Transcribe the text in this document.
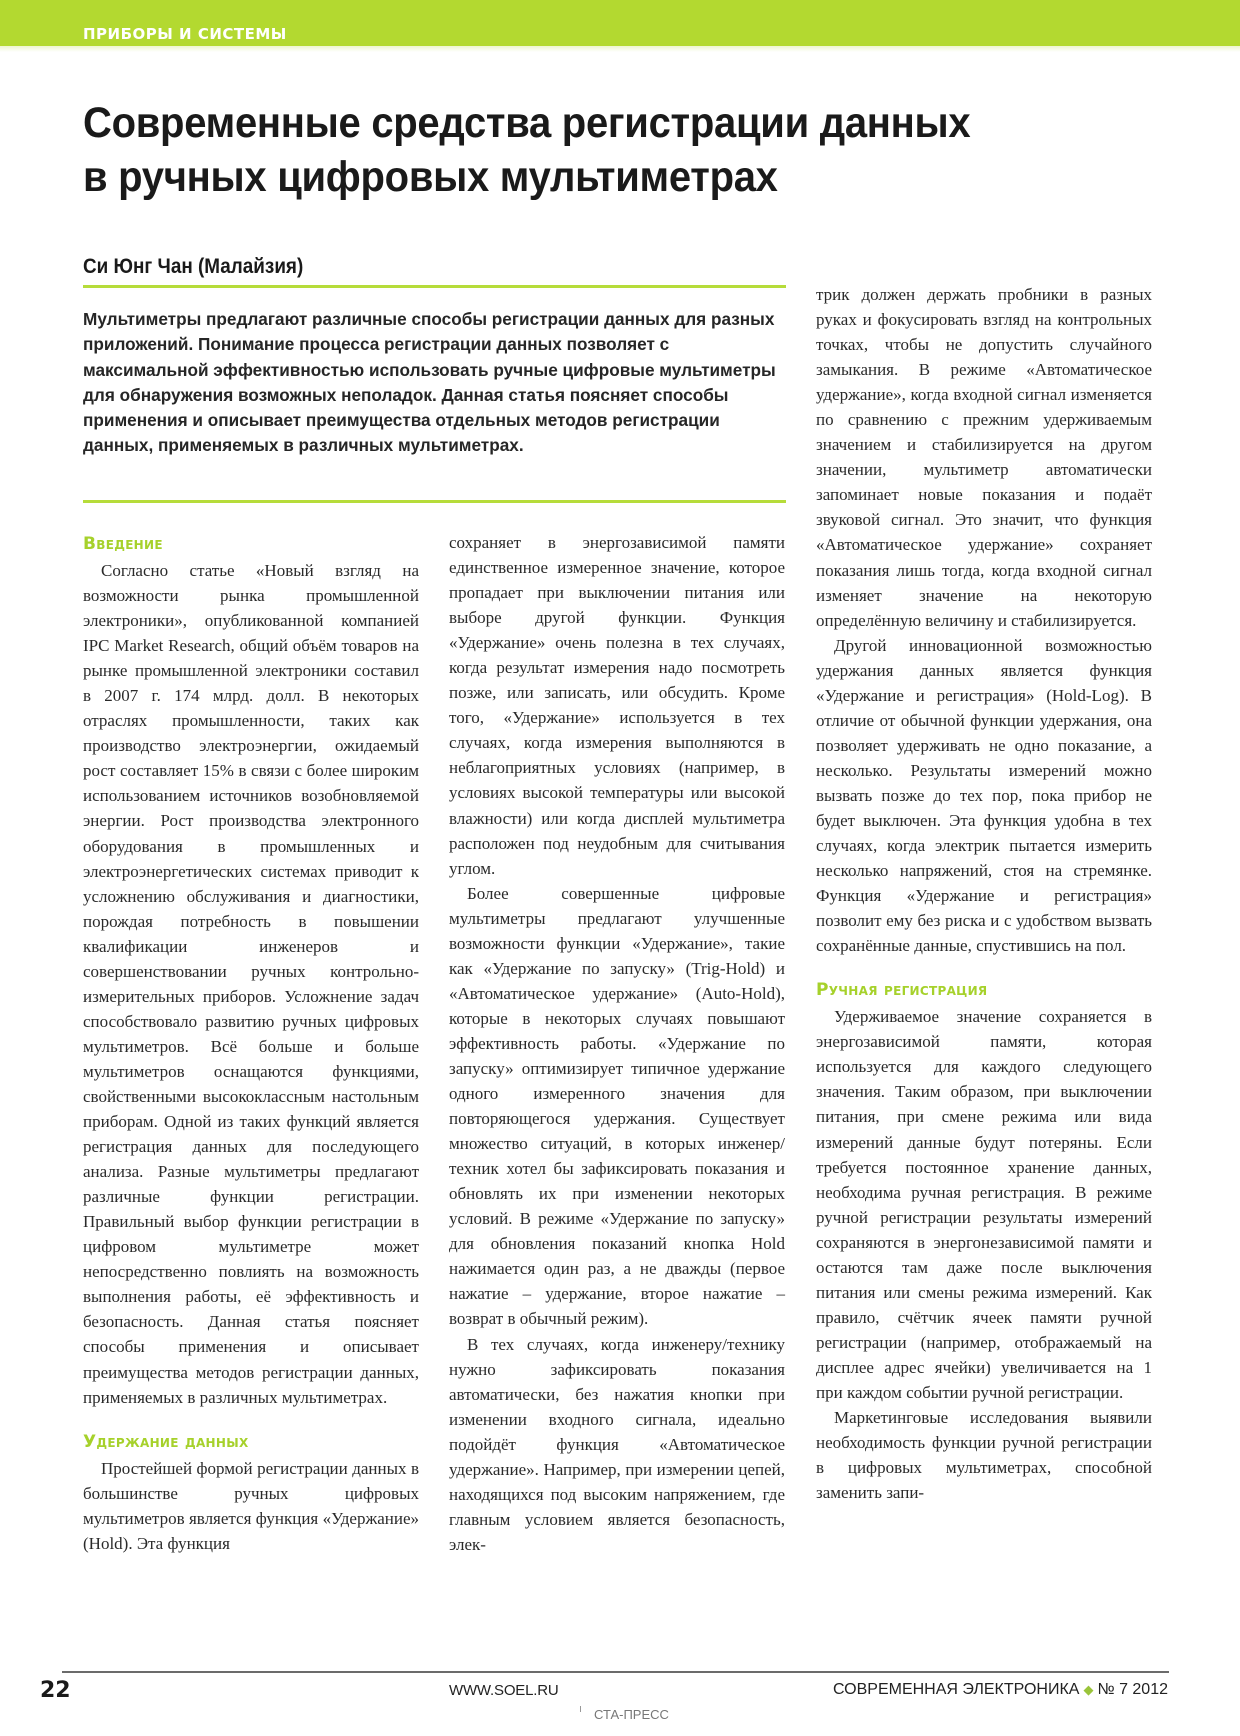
ПРИБОРЫ И СИСТЕМЫ
Современные средства регистрации данных
в ручных цифровых мультиметрах
Си Юнг Чан (Малайзия)

Мультиметры предлагают различные способы регистрации данных для разных приложений. Понимание процесса регистрации данных позволяет с максимальной эффективностью использовать ручные цифровые мультиметры для обнаружения возможных неполадок. Данная статья поясняет способы применения и описывает преимущества отдельных методов регистрации данных, применяемых в различных мультиметрах.

Введение

Согласно статье «Новый взгляд на возможности рынка промышленной электроники», опубликованной компанией IPC Market Research, общий объём товаров на рынке промышленной электроники составил в 2007 г. 174 млрд. долл. В некоторых отраслях промышленности, таких как производство электроэнергии, ожидаемый рост составляет 15% в связи с более широким использованием источников возобновляемой энергии. Рост производства электронного оборудования в промышленных и электроэнергетических системах приводит к усложнению обслуживания и диагностики, порождая потребность в повышении квалификации инженеров и совершенствовании ручных контрольно-измерительных приборов. Усложнение задач способствовало развитию ручных цифровых мультиметров. Всё больше и больше мультиметров оснащаются функциями, свойственными высококлассным настольным приборам. Одной из таких функций является регистрация данных для последующего анализа. Разные мультиметры предлагают различные функции регистрации. Правильный выбор функции регистрации в цифровом мультиметре может непосредственно повлиять на возможность выполнения работы, её эффективность и безопасность. Данная статья поясняет способы применения и описывает преимущества методов регистрации данных, применяемых в различных мультиметрах.

Удержание данных

Простейшей формой регистрации данных в большинстве ручных цифровых мультиметров является функция «Удержание» (Hold). Эта функция

сохраняет в энергозависимой памяти единственное измеренное значение, которое пропадает при выключении питания или выборе другой функции. Функция «Удержание» очень полезна в тех случаях, когда результат измерения надо посмотреть позже, или записать, или обсудить. Кроме того, «Удержание» используется в тех случаях, когда измерения выполняются в неблагоприятных условиях (например, в условиях высокой температуры или высокой влажности) или когда дисплей мультиметра расположен под неудобным для считывания углом.

Более совершенные цифровые мультиметры предлагают улучшенные возможности функции «Удержание», такие как «Удержание по запуску» (Trig-Hold) и «Автоматическое удержание» (Auto-Hold), которые в некоторых случаях повышают эффективность работы. «Удержание по запуску» оптимизирует типичное удержание одного измеренного значения для повторяющегося удержания. Существует множество ситуаций, в которых инженер/техник хотел бы зафиксировать показания и обновлять их при изменении некоторых условий. В режиме «Удержание по запуску» для обновления показаний кнопка Hold нажимается один раз, а не дважды (первое нажатие – удержание, второе нажатие – возврат в обычный режим).

В тех случаях, когда инженеру/технику нужно зафиксировать показания автоматически, без нажатия кнопки при изменении входного сигнала, идеально подойдёт функция «Автоматическое удержание». Например, при измерении цепей, находящихся под высоким напряжением, где главным условием является безопасность, элек-

трик должен держать пробники в разных руках и фокусировать взгляд на контрольных точках, чтобы не допустить случайного замыкания. В режиме «Автоматическое удержание», когда входной сигнал изменяется по сравнению с прежним удерживаемым значением и стабилизируется на другом значении, мультиметр автоматически запоминает новые показания и подаёт звуковой сигнал. Это значит, что функция «Автоматическое удержание» сохраняет показания лишь тогда, когда входной сигнал изменяет значение на некоторую определённую величину и стабилизируется.

Другой инновационной возможностью удержания данных является функция «Удержание и регистрация» (Hold-Log). В отличие от обычной функции удержания, она позволяет удерживать не одно показание, а несколько. Результаты измерений можно вызвать позже до тех пор, пока прибор не будет выключен. Эта функция удобна в тех случаях, когда электрик пытается измерить несколько напряжений, стоя на стремянке. Функция «Удержание и регистрация» позволит ему без риска и с удобством вызвать сохранённые данные, спустившись на пол.

Ручная регистрация

Удерживаемое значение сохраняется в энергозависимой памяти, которая используется для каждого следующего значения. Таким образом, при выключении питания, при смене режима или вида измерений данные будут потеряны. Если требуется постоянное хранение данных, необходима ручная регистрация. В режиме ручной регистрации результаты измерений сохраняются в энергонезависимой памяти и остаются там даже после выключения питания или смены режима измерений. Как правило, счётчик ячеек памяти ручной регистрации (например, отображаемый на дисплее адрес ячейки) увеличивается на 1 при каждом событии ручной регистрации.

Маркетинговые исследования выявили необходимость функции ручной регистрации в цифровых мультиметрах, способной заменить запи-

22	WWW.SOEL.RU	СОВРЕМЕННАЯ ЭЛЕКТРОНИКА ◆ № 7 2012
СТА-ПРЕСС
